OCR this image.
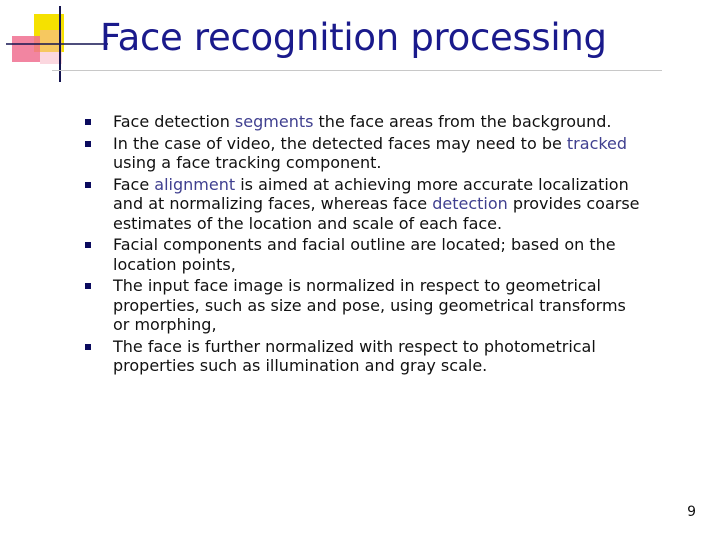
Face recognition processing
Face detection segments the face areas from the background.
In the case of video, the detected faces may need to be tracked using a face tracking component.
Face alignment is aimed at achieving more accurate localization and at normalizing faces, whereas face detection provides coarse estimates of the location and scale of each face.
Facial components and facial outline are located; based on the location points,
The input face image is normalized in respect to geometrical properties, such as size and pose, using geometrical transforms or morphing,
The face is further normalized with respect to photometrical properties such as illumination and gray scale.
9
